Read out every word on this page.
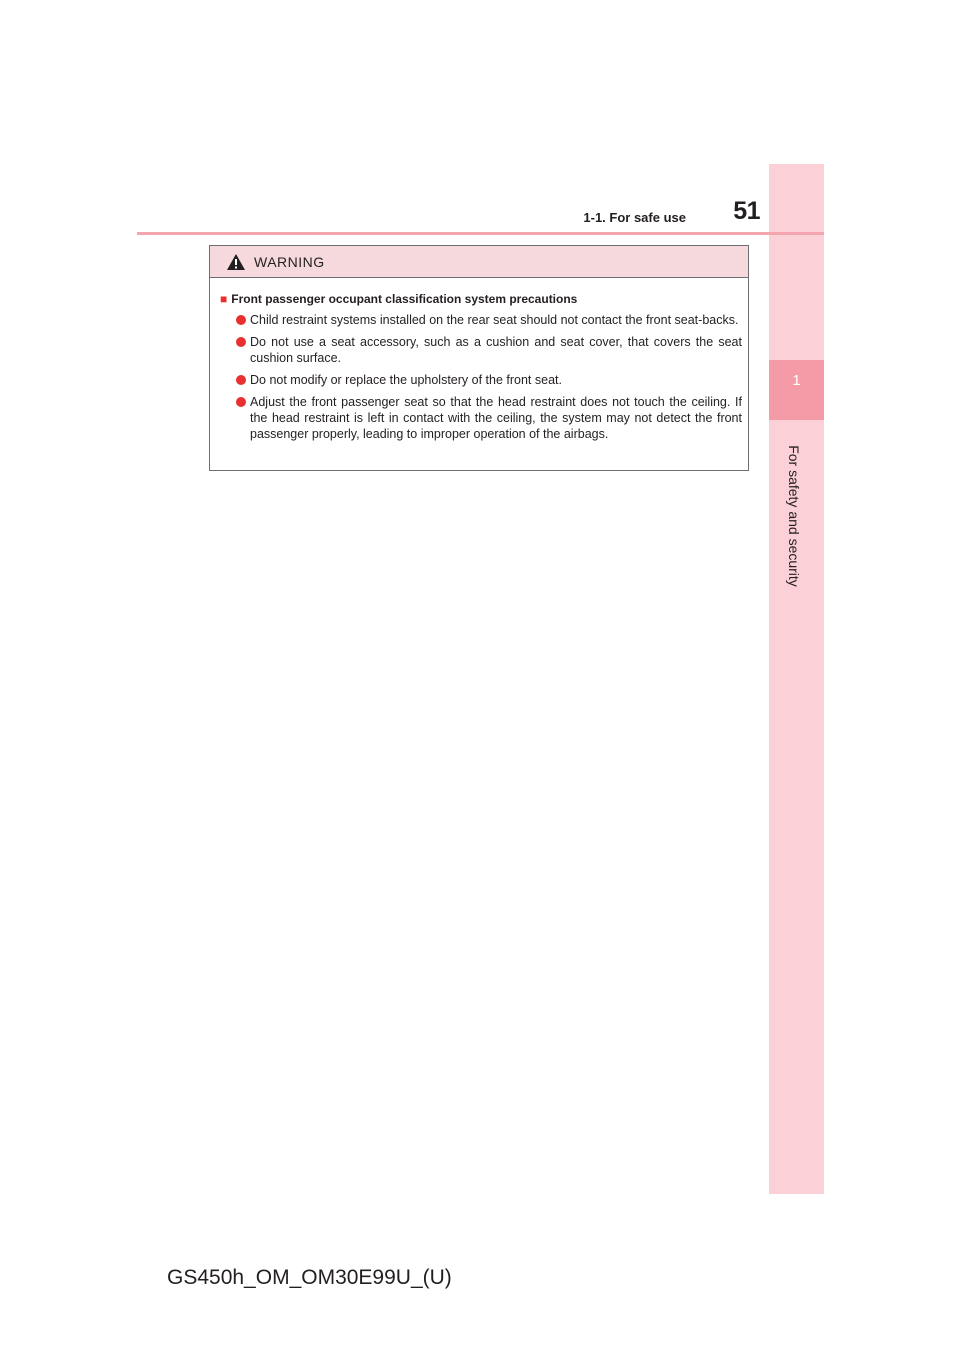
1
For safety and security
1-1. For safe use 51
WARNING
■ Front passenger occupant classification system precautions
Child restraint systems installed on the rear seat should not contact the front seat-backs.
Do not use a seat accessory, such as a cushion and seat cover, that covers the seat cushion surface.
Do not modify or replace the upholstery of the front seat.
Adjust the front passenger seat so that the head restraint does not touch the ceiling. If the head restraint is left in contact with the ceiling, the system may not detect the front passenger properly, leading to improper operation of the airbags.
GS450h_OM_OM30E99U_(U)
